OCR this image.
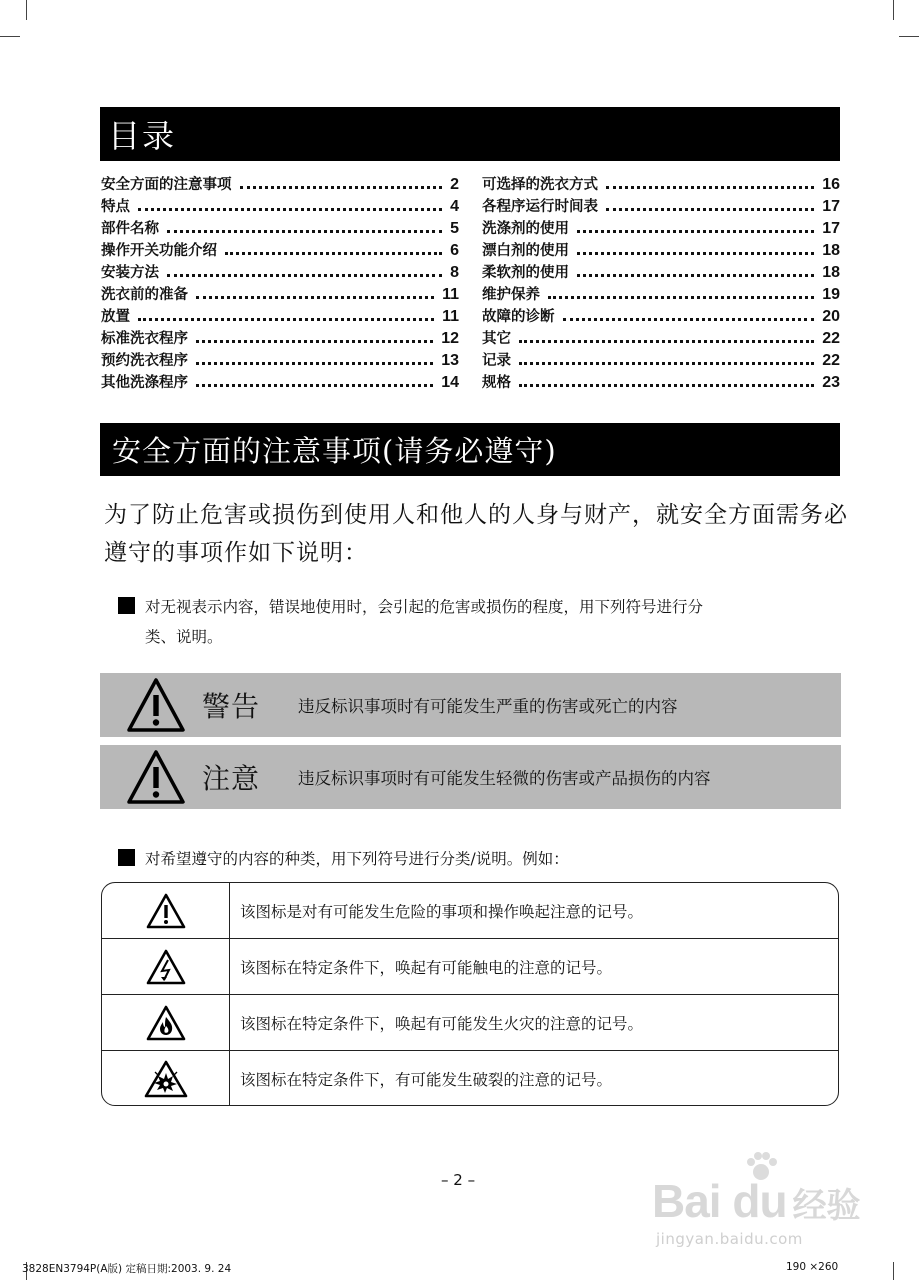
目录
安全方面的注意事项	2
特点	4
部件名称	5
操作开关功能介绍	6
安装方法	8
洗衣前的准备	11
放置	11
标准洗衣程序	12
预约洗衣程序	13
其他洗涤程序	14
可选择的洗衣方式	16
各程序运行时间表	17
洗涤剂的使用	17
漂白剂的使用	18
柔软剂的使用	18
维护保养	19
故障的诊断	20
其它	22
记录	22
规格	23
安全方面的注意事项(请务必遵守)
为了防止危害或损伤到使用人和他人的人身与财产，就安全方面需务必遵守的事项作如下说明：
对无视表示内容，错误地使用时，会引起的危害或损伤的程度，用下列符号进行分
类、说明。
警告	违反标识事项时有可能发生严重的伤害或死亡的内容
注意	违反标识事项时有可能发生轻微的伤害或产品损伤的内容
对希望遵守的内容的种类，用下列符号进行分类/说明。例如：
该图标是对有可能发生危险的事项和操作唤起注意的记号。
该图标在特定条件下，唤起有可能触电的注意的记号。
该图标在特定条件下，唤起有可能发生火灾的注意的记号。
该图标在特定条件下，有可能发生破裂的注意的记号。
– 2 –	Bai du 经验
jingyan.baidu.com
3828EN3794P(A版) 定稿日期:2003. 9. 24	190 ×260
